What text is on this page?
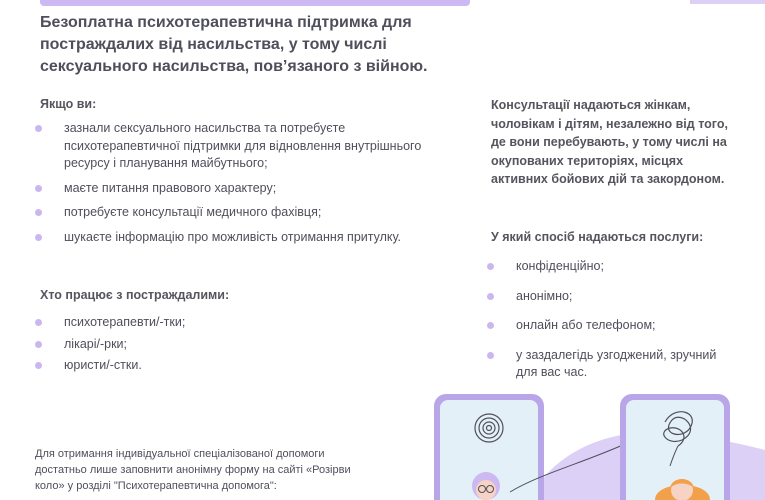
Безоплатна психотерапевтична підтримка для постраждалих від насильства, у тому числі сексуального насильства, пов’язаного з війною.
Якщо ви:
зазнали сексуального насильства та потребуєте психотерапевтичної підтримки для відновлення внутрішнього ресурсу і планування майбутнього;
маєте питання правового характеру;
потребуєте консультації медичного фахівця;
шукаєте інформацію про можливість отримання притулку.
Хто працює з постраждалими:
психотерапевти/-тки;
лікарі/-рки;
юристи/-стки.

Консультації надаються жінкам, чоловікам і дітям, незалежно від того, де вони перебувають, у тому числі на окупованих територіях, місцях активних бойових дій та закордоном.

У який спосіб надаються послуги:
конфіденційно;
анонімно;
онлайн або телефоном;
у заздалегідь узгоджений, зручний для вас час.

Для отримання індивідуальної спеціалізованої допомоги достатньо лише заповнити анонімну форму на сайті «Розірви коло» у розділі "Психотерапевтична допомога":
